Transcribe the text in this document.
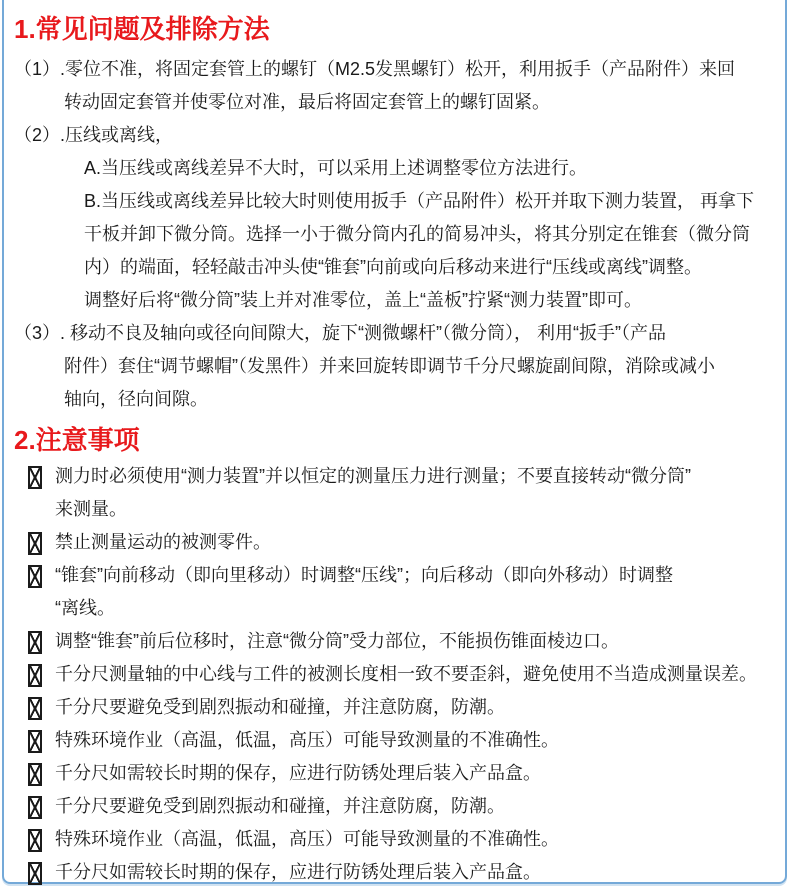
1.常见问题及排除方法
（1）.零位不准，将固定套管上的螺钉（M2.5发黑螺钉）松开，利用扳手（产品附件）来回
转动固定套管并使零位对准，最后将固定套管上的螺钉固紧。
（2）.压线或离线，
A.当压线或离线差异不大时，可以采用上述调整零位方法进行。
B.当压线或离线差异比较大时则使用扳手（产品附件）松开并取下测力装置， 再拿下
干板并卸下微分筒。选择一小于微分筒内孔的简易冲头，将其分别定在锥套（微分筒
内）的端面，轻轻敲击冲头使“锥套”向前或向后移动来进行“压线或离线”调整。
调整好后将“微分筒”装上并对准零位，盖上“盖板”拧紧“测力装置”即可。
（3）. 移动不良及轴向或径向间隙大，旋下“测微螺杆”（微分筒）， 利用“扳手”（产品
附件）套住“调节螺帽”（发黑件）并来回旋转即调节千分尺螺旋副间隙，消除或减小
轴向，径向间隙。
2.注意事项
测力时必须使用“测力装置”并以恒定的测量压力进行测量；不要直接转动“微分筒”
来测量。
禁止测量运动的被测零件。
“锥套”向前移动（即向里移动）时调整“压线”；向后移动（即向外移动）时调整
“离线。
调整“锥套”前后位移时，注意“微分筒”受力部位，不能损伤锥面棱边口。
千分尺测量轴的中心线与工件的被测长度相一致不要歪斜，避免使用不当造成测量误差。
千分尺要避免受到剧烈振动和碰撞，并注意防腐，防潮。
特殊环境作业（高温，低温，高压）可能导致测量的不准确性。
千分尺如需较长时期的保存，应进行防锈处理后装入产品盒。
千分尺要避免受到剧烈振动和碰撞，并注意防腐，防潮。
特殊环境作业（高温，低温，高压）可能导致测量的不准确性。
千分尺如需较长时期的保存，应进行防锈处理后装入产品盒。
